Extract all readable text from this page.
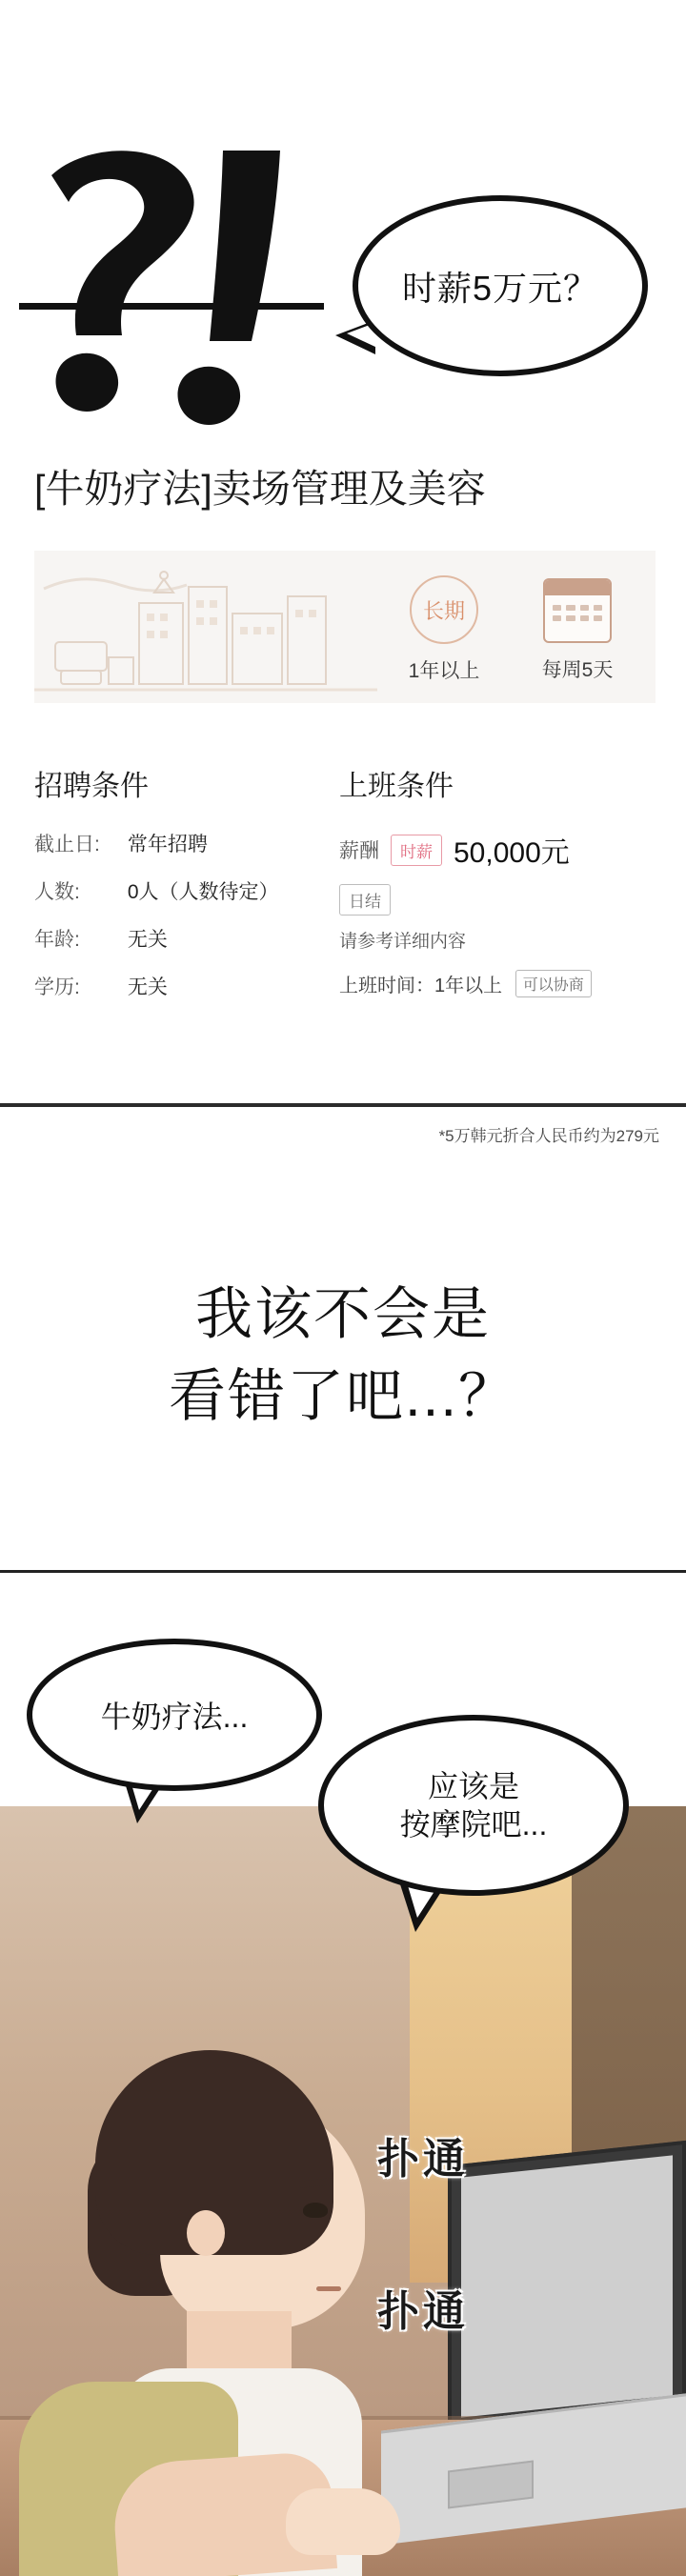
时薪5万元？
[牛奶疗法]卖场管理及美容
长期
1年以上	每周5天
招聘条件
截止日: 常年招聘
人数: 0人（人数待定）
年龄: 无关
学历: 无关
上班条件
薪酬	时薪 50,000元
日结
请参考详细内容
上班时间：1年以上 可以协商
*5万韩元折合人民币约为279元
我该不会是
看错了吧...？
扑通
扑通
牛奶疗法...
应该是
按摩院吧...
